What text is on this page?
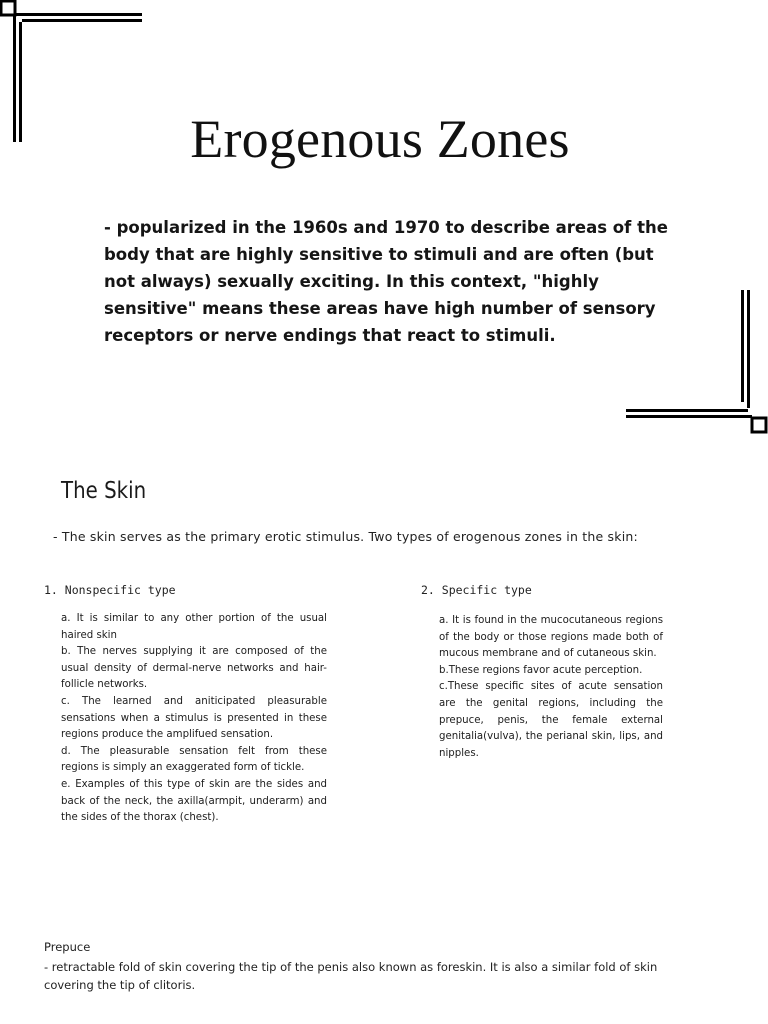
Erogenous Zones

- popularized in the 1960s and 1970 to describe areas of the body that are highly sensitive to stimuli and are often (but not always) sexually exciting. In this context, "highly sensitive" means these areas have high number of sensory receptors or nerve endings that react to stimuli.

The Skin

- The skin serves as the primary erotic stimulus. Two types of erogenous zones in the skin:

1. Nonspecific type
a. It is similar to any other portion of the usual haired skin
b. The nerves supplying it are composed of the usual density of dermal-nerve networks and hair- follicle networks.
c. The learned and aniticipated pleasurable sensations when a stimulus is presented in these regions produce the amplifued sensation.
d. The pleasurable sensation felt from these regions is simply an exaggerated form of tickle.
e. Examples of this type of skin are the sides and back of the neck, the axilla(armpit, underarm) and the sides of the thorax (chest).
2. Specific type
a. It is found in the mucocutaneous regions of the body or those regions made both of mucous membrane and of cutaneous skin.
b.These regions favor acute perception.
c.These specific sites of acute sensation are the genital regions, including the prepuce, penis, the female external genitalia(vulva), the perianal skin, lips, and nipples.

Prepuce

- retractable fold of skin covering the tip of the penis also known as foreskin. It is also a similar fold of skin covering the tip of clitoris.
